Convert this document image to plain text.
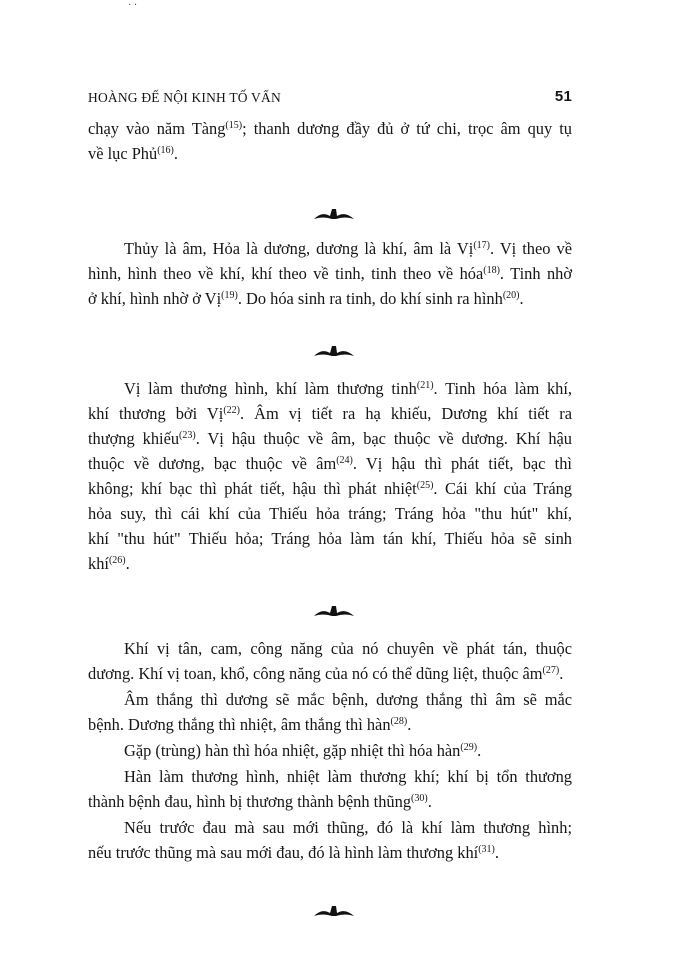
· ·
HOÀNG ĐẾ NỘI KINH TỐ VẤN	51
chạy vào năm Tàng$^{(15)}$; thanh dương đầy đủ ở tứ chi, trọc âm quy tụ
về lục Phủ$^{(16)}$.
Thủy là âm, Hỏa là dương, dương là khí, âm là Vị$^{(17)}$. Vị theo về
hình, hình theo về khí, khí theo về tinh, tinh theo về hóa$^{(18)}$. Tinh nhờ
ở khí, hình nhờ ở Vị$^{(19)}$. Do hóa sinh ra tinh, do khí sinh ra hình$^{(20)}$.
Vị làm thương hình, khí làm thương tinh$^{(21)}$. Tinh hóa làm khí,
khí thương bởi Vị$^{(22)}$. Âm vị tiết ra hạ khiếu, Dương khí tiết ra
thượng khiếu$^{(23)}$. Vị hậu thuộc về âm, bạc thuộc về dương. Khí hậu
thuộc về dương, bạc thuộc về $âm^{(24)}$. Vị hậu thì phát tiết, bạc thì
không; khí bạc thì phát tiết, hậu thì phát nhiệt$^{(25)}$. Cái khí của Tráng
hỏa suy, thì cái khí của Thiếu hỏa tráng; Tráng hỏa "thu hút" khí,
khí "thu hút" Thiếu hỏa; Tráng hỏa làm tán khí, Thiếu hỏa sẽ sinh
khí$^{(26)}$.
Khí vị tân, cam, công năng của nó chuyên về phát tán, thuộc
dương. Khí vị toan, khổ, công năng của nó có thể dũng liệt, thuộc $âm^{(27)}$.
Âm thắng thì dương sẽ mắc bệnh, dương thắng thì âm sẽ mắc
bệnh. Dương thắng thì nhiệt, âm thắng thì hàn$^{(28)}$.
Gặp (trùng) hàn thì hóa nhiệt, gặp nhiệt thì hóa hàn$^{(29)}$.
Hàn làm thương hình, nhiệt làm thương khí; khí bị tổn thương
thành bệnh đau, hình bị thương thành bệnh thũng$^{(30)}$.
Nếu trước đau mà sau mới thũng, đó là khí làm thương hình;
nếu trước thũng mà sau mới đau, đó là hình làm thương khí$^{(31)}$.
